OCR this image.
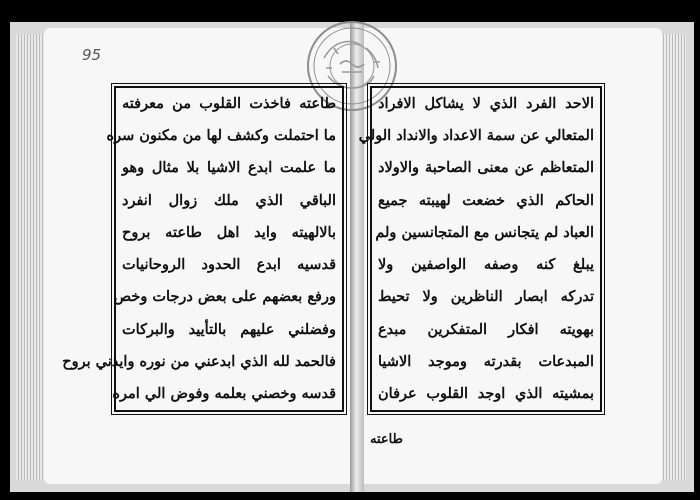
95
الاحد الفرد الذي لا يشاكل الافراد
المتعالي عن سمة الاعداد والانداد الولي
المتعاظم عن معنى الصاحبة والاولاد
الحاكم الذي خضعت لهيبته جميع
العباد لم يتجانس مع المتجانسين ولم
يبلغ كنه وصفه الواصفين ولا
تدركه ابصار الناظرين ولا تحيط
بهويته افكار المتفكرين مبدع
المبدعات بقدرته وموجد الاشيا
بمشيته الذي اوجد القلوب عرفان
طاعته فاخذت القلوب من معرفته
ما احتملت وكشف لها من مكنون سره
ما علمت ابدع الاشيا بلا مثال وهو
الباقي الذي ملك زوال انفرد
بالالهيته وايد اهل طاعته بروح
قدسيه ابدع الحدود الروحانيات
ورفع بعضهم على بعض درجات وخص
وفضلني عليهم بالتأييد والبركات
فالحمد لله الذي ابدعني من نوره وايدني بروح
قدسه وخصني بعلمه وفوض الي امره
طاعته
